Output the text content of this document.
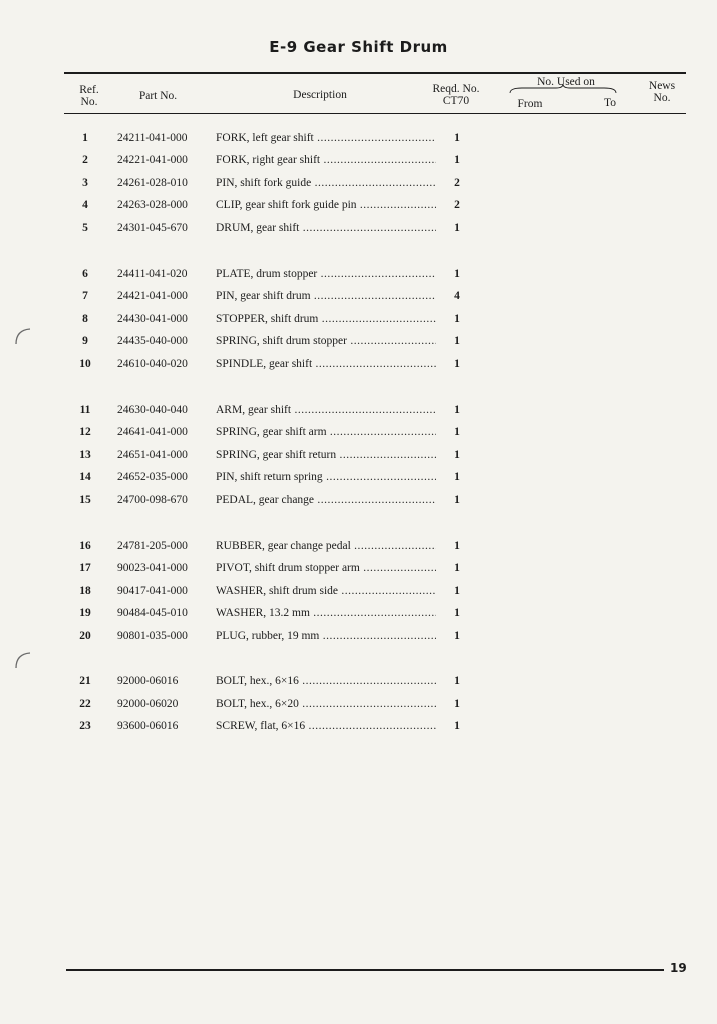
E-9 Gear Shift Drum
Ref. No.	Part No.	Description	Reqd. No.
CT70
No. Used on
From	To
News No.
1	24211-041-000 FORK, left gear shift .....	1
2	24221-041-000 FORK, right gear shift .....	1
3	24261-028-010 PIN, shift fork guide .....	2
4	24263-028-000 CLIP, gear shift fork guide pin .....	2
5	24301-045-670 DRUM, gear shift .....	1
6	24411-041-020 PLATE, drum stopper .....	1
7	24421-041-000 PIN, gear shift drum .....	4
8	24430-041-000 STOPPER, shift drum .....	1
9	24435-040-000 SPRING, shift drum stopper .....	1
10	24610-040-020 SPINDLE, gear shift .....	1
11	24630-040-040 ARM, gear shift .....	1
12	24641-041-000 SPRING, gear shift arm .....	1
13	24651-041-000 SPRING, gear shift return .....	1
14	24652-035-000 PIN, shift return spring .....	1
15	24700-098-670 PEDAL, gear change .....	1
16	24781-205-000 RUBBER, gear change pedal .....	1
17	90023-041-000 PIVOT, shift drum stopper arm .....	1
18	90417-041-000 WASHER, shift drum side .....	1
19	90484-045-010 WASHER, 13.2 mm .....	1
20	90801-035-000 PLUG, rubber, 19 mm .....	1
21	92000-06016	BOLT, hex., 6×16 .....	1
22	92000-06020	BOLT, hex., 6×20 .....	1
23	93600-06016	SCREW, flat, 6×16 .....	1
19
